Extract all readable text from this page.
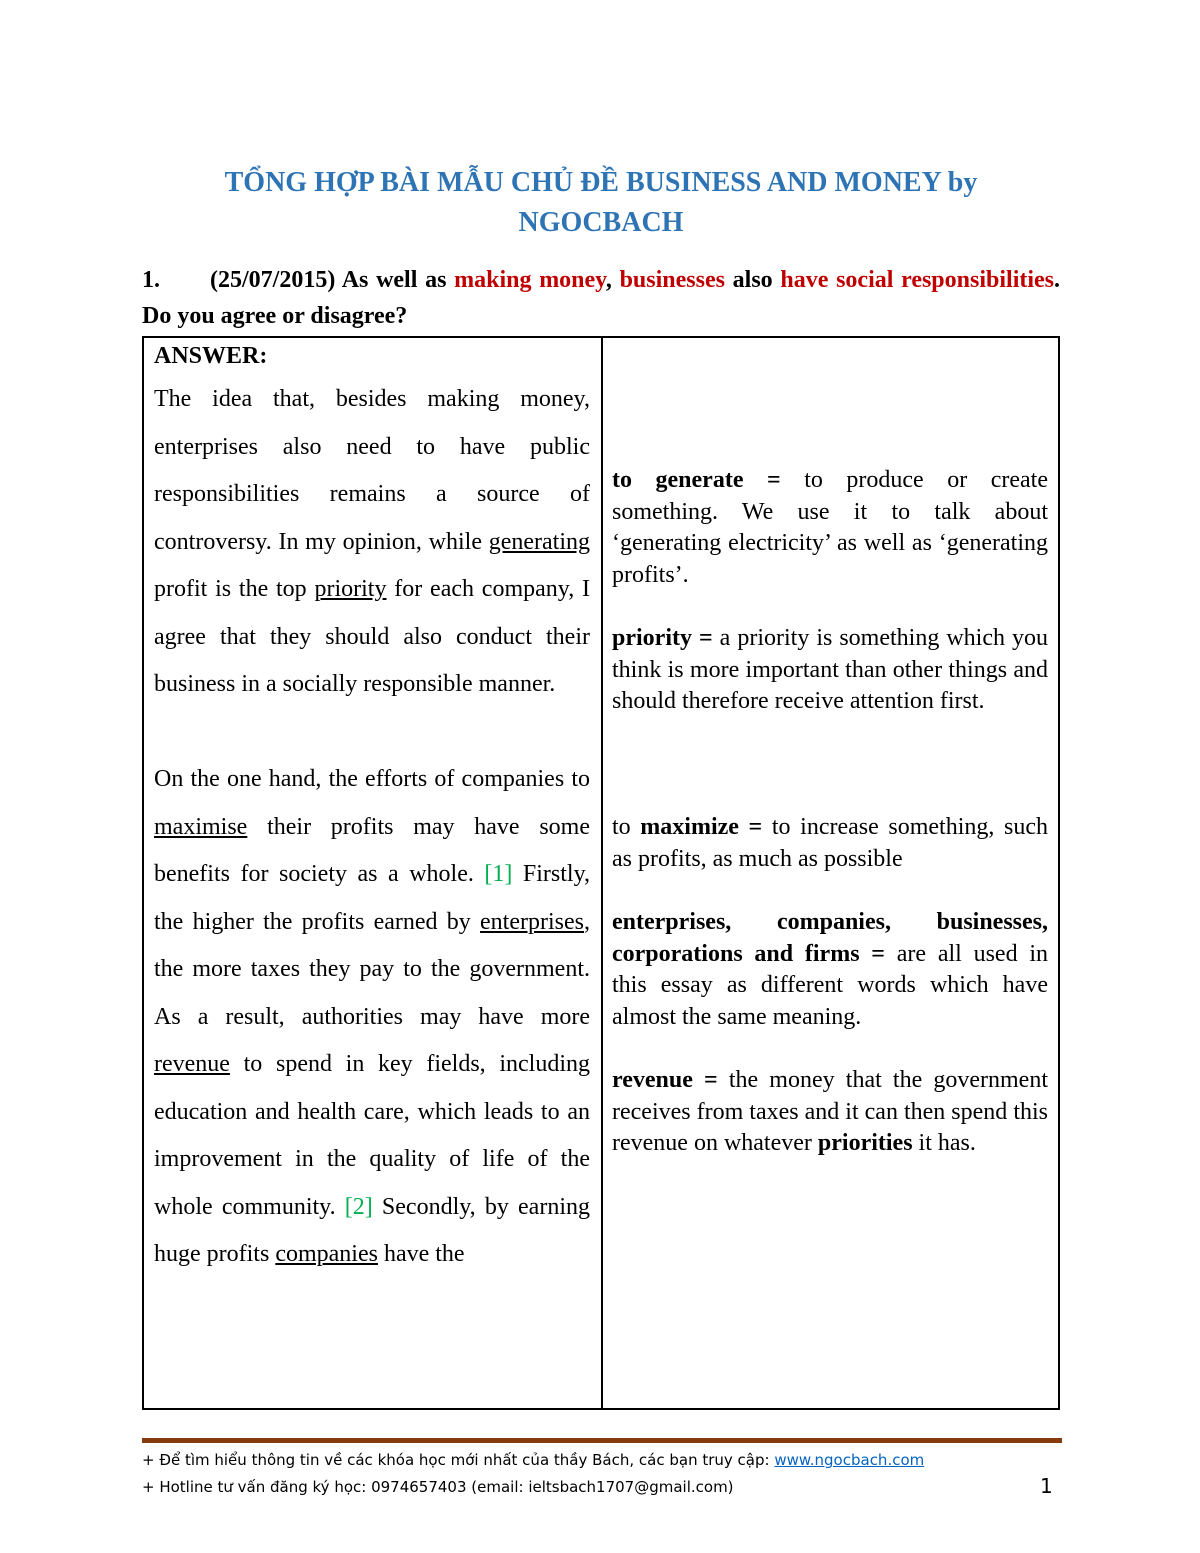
TỔNG HỢP BÀI MẪU CHỦ ĐỀ BUSINESS AND MONEY by
NGOCBACH
1. (25/07/2015) As well as making money, businesses also have social responsibilities. Do you agree or disagree?
ANSWER:

The idea that, besides making money, enterprises also need to have public responsibilities remains a source of controversy. In my opinion, while generating profit is the top priority for each company, I agree that they should also conduct their business in a socially responsible manner.

On the one hand, the efforts of companies to maximise their profits may have some benefits for society as a whole. [1] Firstly, the higher the profits earned by enterprises, the more taxes they pay to the government. As a result, authorities may have more revenue to spend in key fields, including education and health care, which leads to an improvement in the quality of life of the whole community. [2] Secondly, by earning huge profits companies have the

to generate = to produce or create something. We use it to talk about ‘generating electricity’ as well as ‘generating profits’.

priority = a priority is something which you think is more important than other things and should therefore receive attention first.

to maximize = to increase something, such as profits, as much as possible

enterprises, companies, businesses, corporations and firms = are all used in this essay as different words which have almost the same meaning.

revenue = the money that the government receives from taxes and it can then spend this revenue on whatever priorities it has.

+ Để tìm hiểu thông tin về các khóa học mới nhất của thầy Bách, các bạn truy cập: www.ngocbach.com
+ Hotline tư vấn đăng ký học: 0974657403 (email: ieltsbach1707@gmail.com)	1
